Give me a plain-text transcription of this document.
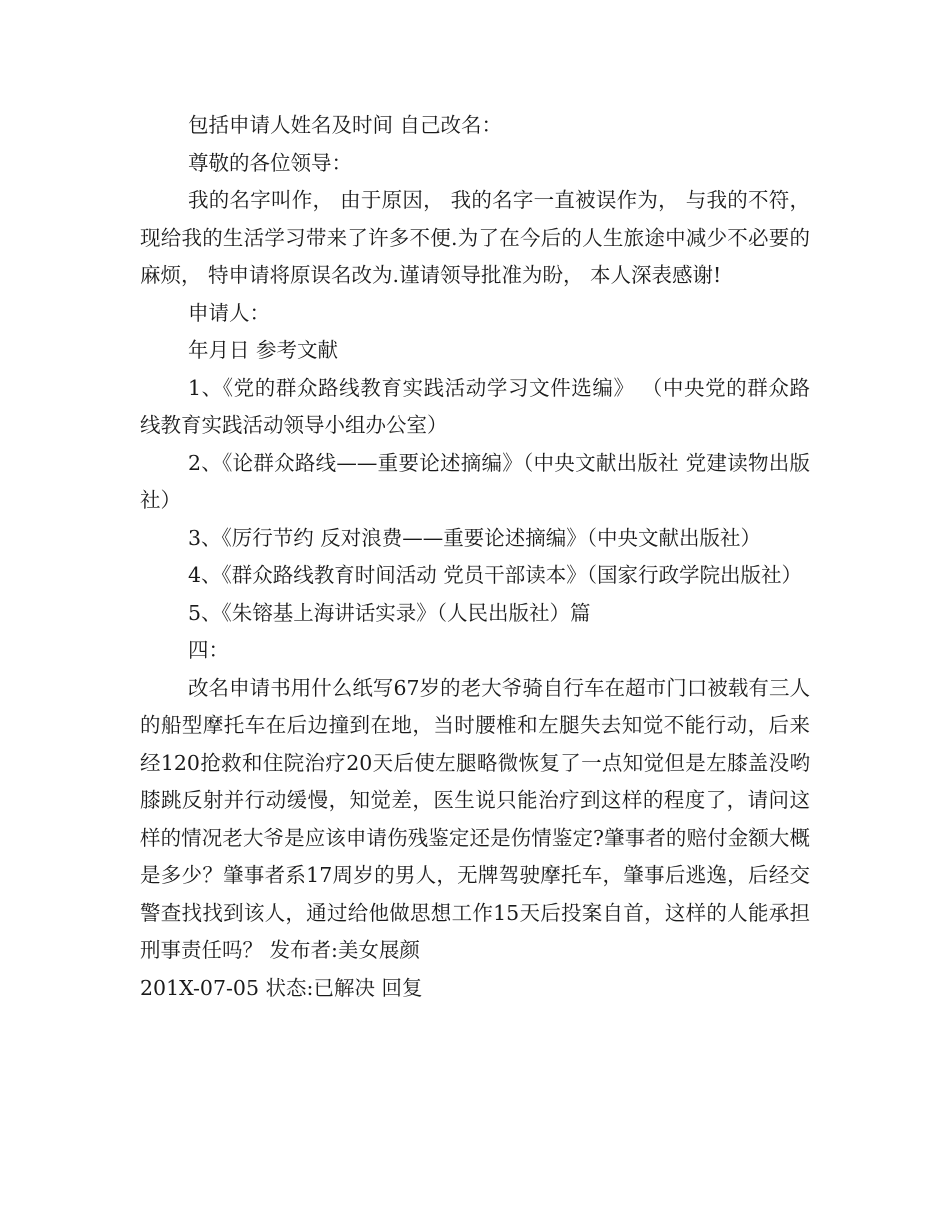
包括申请人姓名及时间 自己改名：

尊敬的各位领导：

我的名字叫作， 由于原因， 我的名字一直被误作为， 与我的不符， 现给我的生活学习带来了许多不便.为了在今后的人生旅途中减少不必要的麻烦， 特申请将原误名改为.谨请领导批准为盼， 本人深表感谢!

申请人：

年月日 参考文献

1、《党的群众路线教育实践活动学习文件选编》 （中央党的群众路线教育实践活动领导小组办公室）

2、《论群众路线——重要论述摘编》（中央文献出版社 党建读物出版社）

3、《厉行节约 反对浪费——重要论述摘编》（中央文献出版社）

4、《群众路线教育时间活动 党员干部读本》（国家行政学院出版社）

5、《朱镕基上海讲话实录》（人民出版社）篇

四：

改名申请书用什么纸写67岁的老大爷骑自行车在超市门口被载有三人的船型摩托车在后边撞到在地，当时腰椎和左腿失去知觉不能行动，后来经120抢救和住院治疗20天后使左腿略微恢复了一点知觉但是左膝盖没哟膝跳反射并行动缓慢，知觉差，医生说只能治疗到这样的程度了，请问这样的情况老大爷是应该申请伤残鉴定还是伤情鉴定?肇事者的赔付金额大概是多少？肇事者系17周岁的男人，无牌驾驶摩托车，肇事后逃逸，后经交警查找找到该人，通过给他做思想工作15天后投案自首，这样的人能承担刑事责任吗？ 发布者:美女展颜

201X-07-05 状态:已解决 回复
